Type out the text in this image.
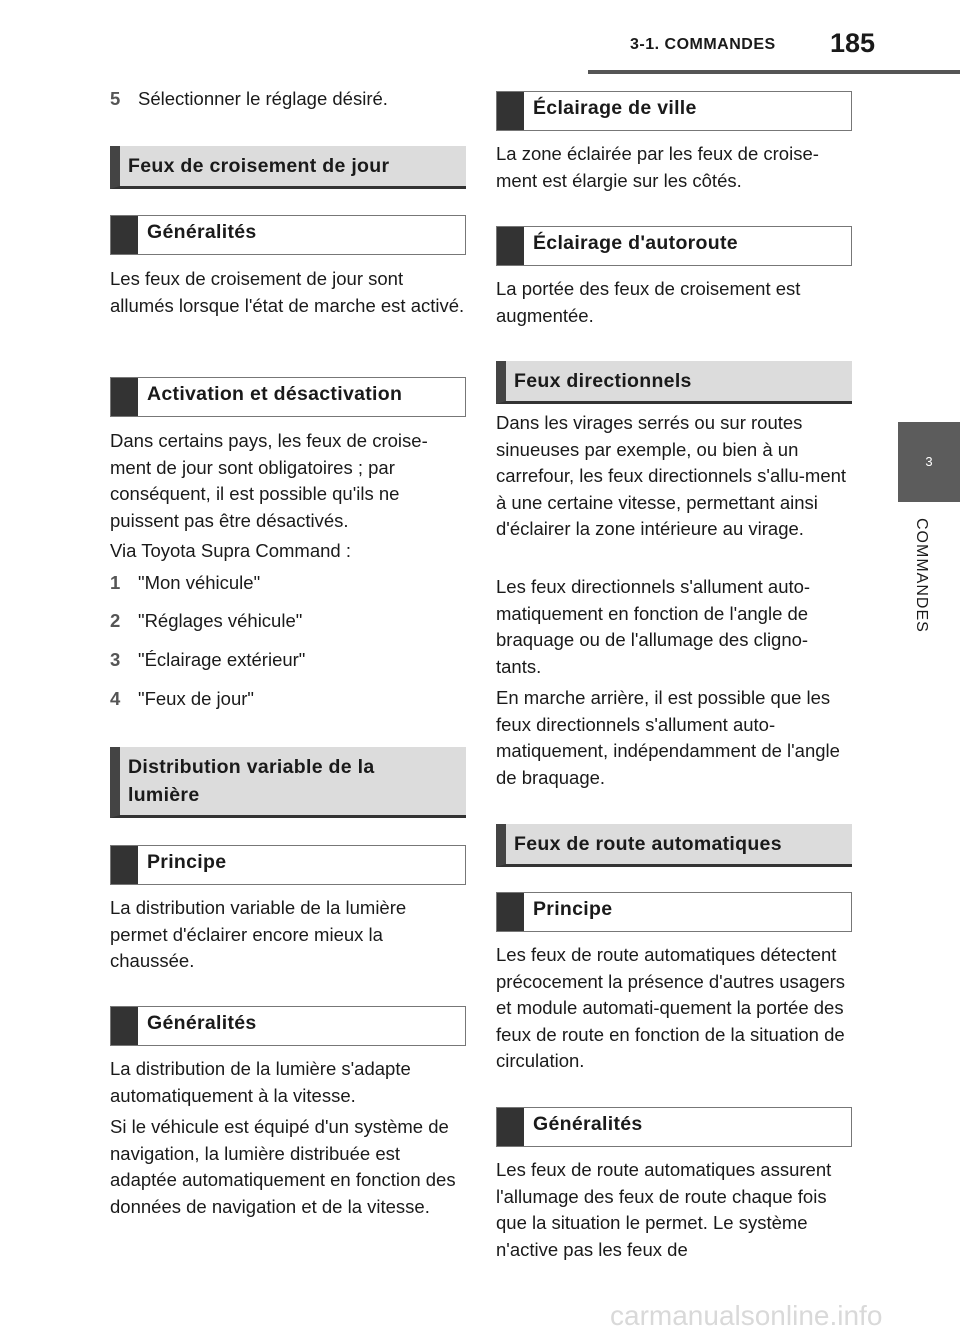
3-1. COMMANDES 185
3
COMMANDES
5 Sélectionner le réglage désiré.
Feux de croisement de jour
Généralités

Les feux de croisement de jour sont allumés lorsque l'état de marche est activé.

Activation et désactivation

Dans certains pays, les feux de croise-ment de jour sont obligatoires ; par conséquent, il est possible qu'ils ne puissent pas être désactivés.

Via Toyota Supra Command :

1 "Mon véhicule"
2 "Réglages véhicule"
3 "Éclairage extérieur"
4 "Feux de jour"
Distribution variable de la
lumière
Principe

La distribution variable de la lumière permet d'éclairer encore mieux la chaussée.

Généralités

La distribution de la lumière s'adapte automatiquement à la vitesse.

Si le véhicule est équipé d'un système de navigation, la lumière distribuée est adaptée automatiquement en fonction des données de navigation et de la vitesse.

Éclairage de ville

La zone éclairée par les feux de croise-ment est élargie sur les côtés.

Éclairage d'autoroute

La portée des feux de croisement est augmentée.

Feux directionnels

Dans les virages serrés ou sur routes sinueuses par exemple, ou bien à un carrefour, les feux directionnels s'allu-ment à une certaine vitesse, permettant ainsi d'éclairer la zone intérieure au virage.

Les feux directionnels s'allument auto-matiquement en fonction de l'angle de braquage ou de l'allumage des cligno-tants.

En marche arrière, il est possible que les feux directionnels s'allument auto-matiquement, indépendamment de l'angle de braquage.

Feux de route automatiques
Principe

Les feux de route automatiques détectent précocement la présence d'autres usagers et module automati-quement la portée des feux de route en fonction de la situation de circulation.

Généralités

Les feux de route automatiques assurent l'allumage des feux de route chaque fois que la situation le permet. Le système n'active pas les feux de

carmanualsonline.info
